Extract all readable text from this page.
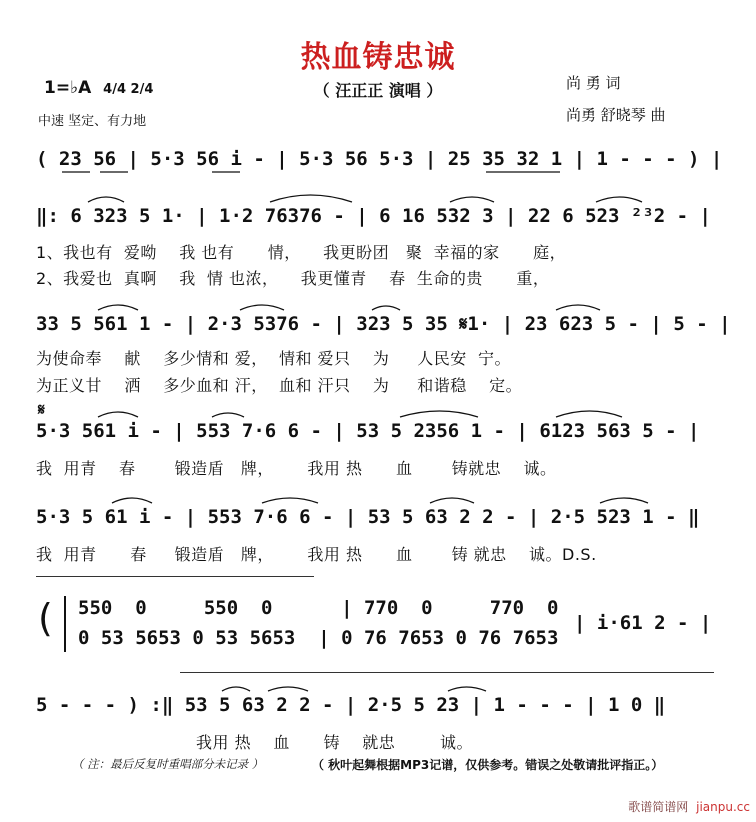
热血铸忠诚
（ 汪正正 演唱 ）
1=♭A 4/4 2/4
中速 坚定、有力地
尚 勇 词
尚勇 舒晓琴 曲
( 23 56 | 5·3 56 i - | 5·3 56 5·3 | 25 35 32 1 | 1 - - - ) |
‖: 6 323 5 1· | 1·2 76376 - | 6 16 532 3 | 22 6 523 ²³2 - |
1、我也有  爱呦    我 也有      情，    我更盼团   聚  幸福的家      庭，
2、我爱也  真啊    我  情 也浓，    我更懂青    春  生命的贵      重，
33 5 561 1 - | 2·3 5376 - | 323 5 35 𝄋1· | 23 623 5 - | 5 - |
为使命奉    献    多少情和 爱，  情和 爱只    为     人民安  宁。
为正义甘    洒    多少血和 汗，  血和 汗只    为     和谐稳    定。
𝄋
5·3 561 i - | 553 7·6 6 - | 53 5 2356 1 - | 6123 563 5 - |
我  用青    春       锻造盾   牌，      我用 热      血       铸就忠    诚。
5·3 5 61 i - | 553 7·6 6 - | 53 5 63 2 2 - | 2·5 523 1 - ‖
我  用青      春     锻造盾   牌，      我用 热      血       铸 就忠    诚。D.S.
( 550  0     550  0      | 770  0     770  0
0 53 5653 0 53 5653  | 0 76 7653 0 76 7653
| i·61 2 - |
5 - - - ) :‖ 53 5 63 2 2 - | 2·5 5 23 | 1 - - - | 1 0 ‖
我用 热    血      铸    就忠        诚。
（ 注：最后反复时重唱部分未记录 ）	（ 秋叶起舞根据MP3记谱，仅供参考。错误之处敬请批评指正。）
歌谱简谱网 jianpu.cc
